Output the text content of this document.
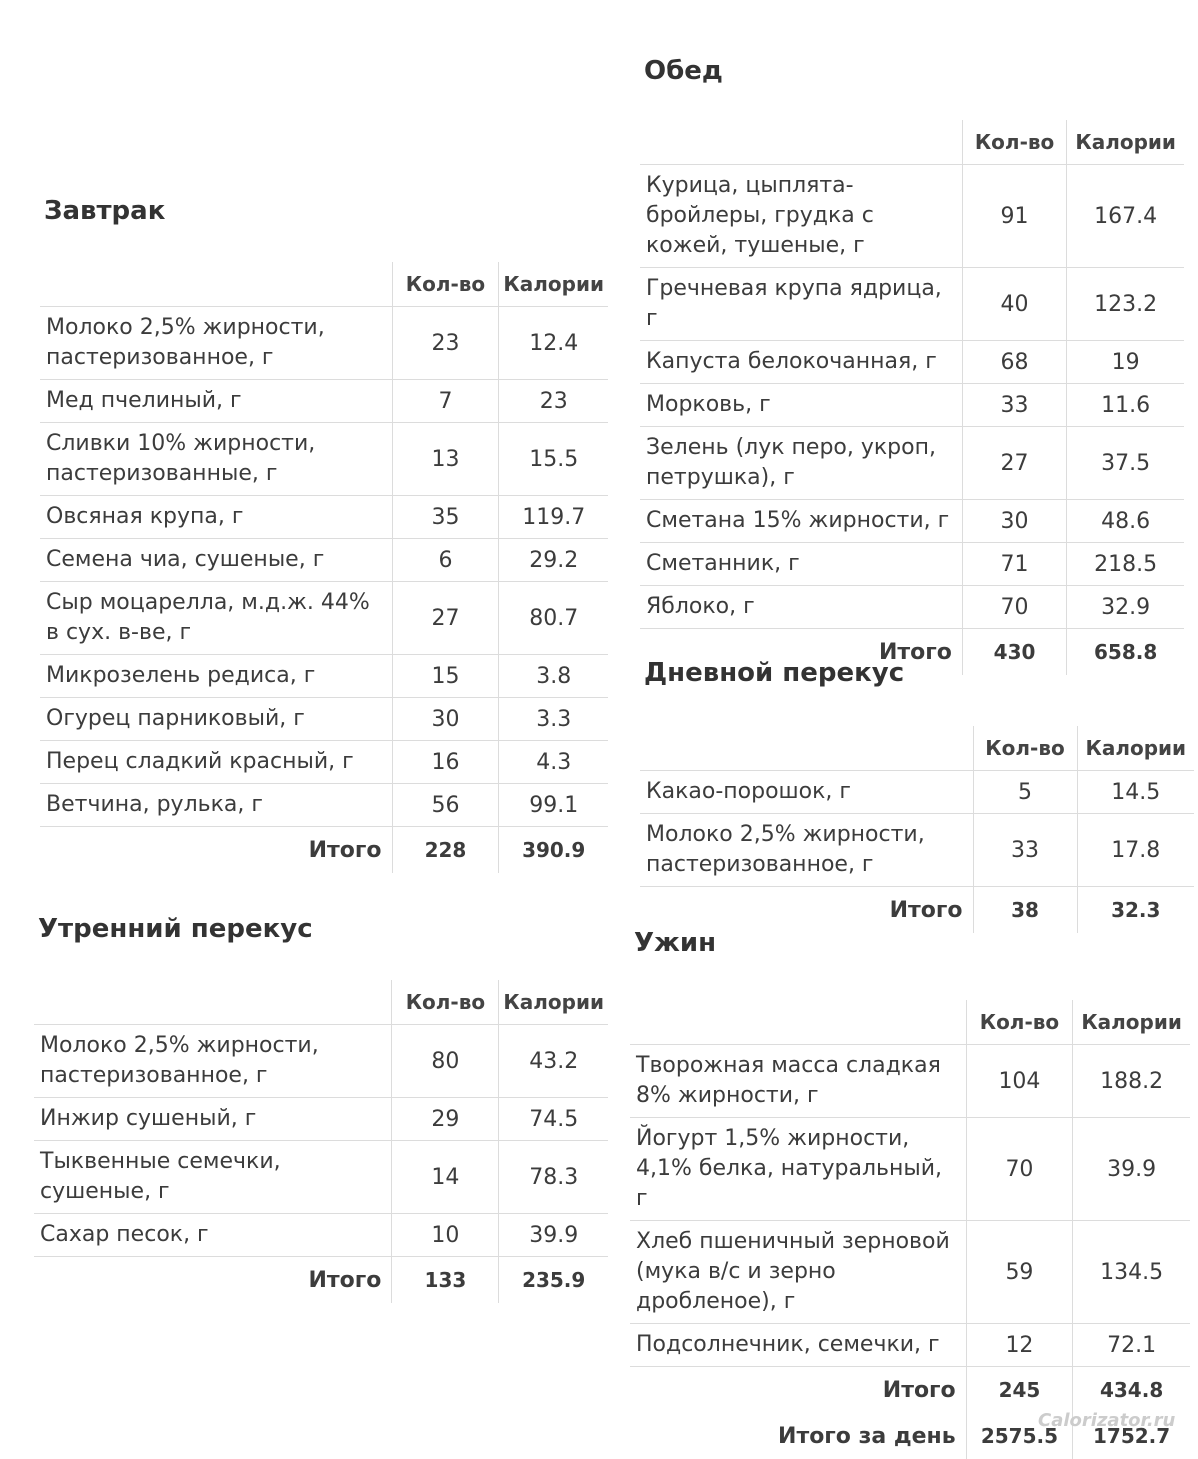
Завтрак
	Кол-во	Калории
Молоко 2,5% жирности, пастеризованное, г	23	12.4
Мед пчелиный, г	7	23
Сливки 10% жирности, пастеризованные, г	13	15.5
Овсяная крупа, г	35	119.7
Семена чиа, сушеные, г	6	29.2
Сыр моцарелла, м.д.ж. 44% в сух. в-ве, г	27	80.7
Микрозелень редиса, г	15	3.8
Огурец парниковый, г	30	3.3
Перец сладкий красный, г	16	4.3
Ветчина, рулька, г	56	99.1
Итого	228	390.9
Утренний перекус
	Кол-во	Калории
Молоко 2,5% жирности, пастеризованное, г	80	43.2
Инжир сушеный, г	29	74.5
Тыквенные семечки, сушеные, г	14	78.3
Сахар песок, г	10	39.9
Итого	133	235.9
Обед
	Кол-во	Калории
Курица, цыплята-бройлеры, грудка с кожей, тушеные, г	91	167.4
Гречневая крупа ядрица, г	40	123.2
Капуста белокочанная, г	68	19
Морковь, г	33	11.6
Зелень (лук перо, укроп, петрушка), г	27	37.5
Сметана 15% жирности, г	30	48.6
Сметанник, г	71	218.5
Яблоко, г	70	32.9
Итого	430	658.8
Дневной перекус
	Кол-во	Калории
Какао-порошок, г	5	14.5
Молоко 2,5% жирности, пастеризованное, г	33	17.8
Итого	38	32.3
Ужин
	Кол-во	Калории
Творожная масса сладкая 8% жирности, г	104	188.2
Йогурт 1,5% жирности, 4,1% белка, натуральный, г	70	39.9
Хлеб пшеничный зерновой (мука в/с и зерно дробленое), г	59	134.5
Подсолнечник, семечки, г	12	72.1
Итого	245	434.8
Итого за день	2575.5	1752.7
Calorizator.ru
